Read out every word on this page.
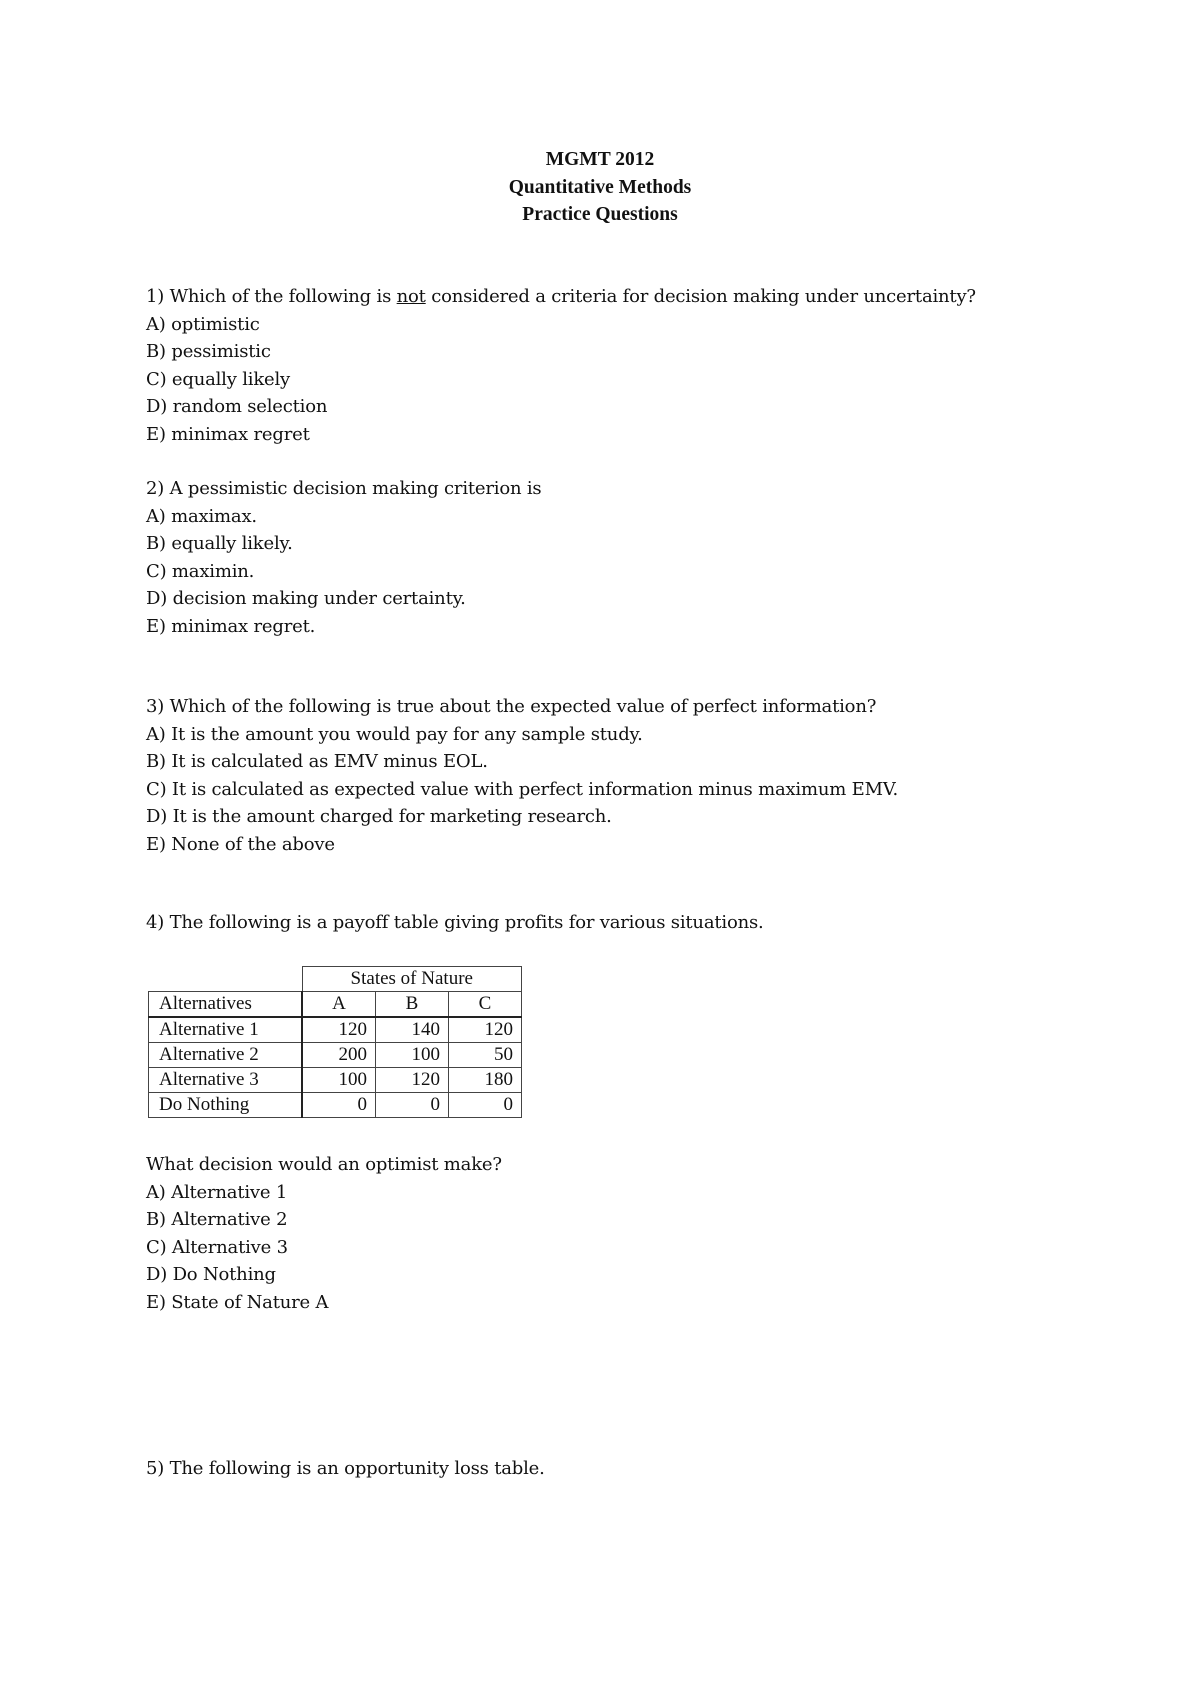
MGMT 2012
Quantitative Methods
Practice Questions
1) Which of the following is not considered a criteria for decision making under uncertainty?
A) optimistic
B) pessimistic
C) equally likely
D) random selection
E) minimax regret
2) A pessimistic decision making criterion is
A) maximax.
B) equally likely.
C) maximin.
D) decision making under certainty.
E) minimax regret.
3) Which of the following is true about the expected value of perfect information?
A) It is the amount you would pay for any sample study.
B) It is calculated as EMV minus EOL.
C) It is calculated as expected value with perfect information minus maximum EMV.
D) It is the amount charged for marketing research.
E) None of the above
4) The following is a payoff table giving profits for various situations.
	States of Nature		
Alternatives	A	B	C
Alternative 1	120	140	120
Alternative 2	200	100	50
Alternative 3	100	120	180
Do Nothing	0	0	0
What decision would an optimist make?
A) Alternative 1
B) Alternative 2
C) Alternative 3
D) Do Nothing
E) State of Nature A
5) The following is an opportunity loss table.
